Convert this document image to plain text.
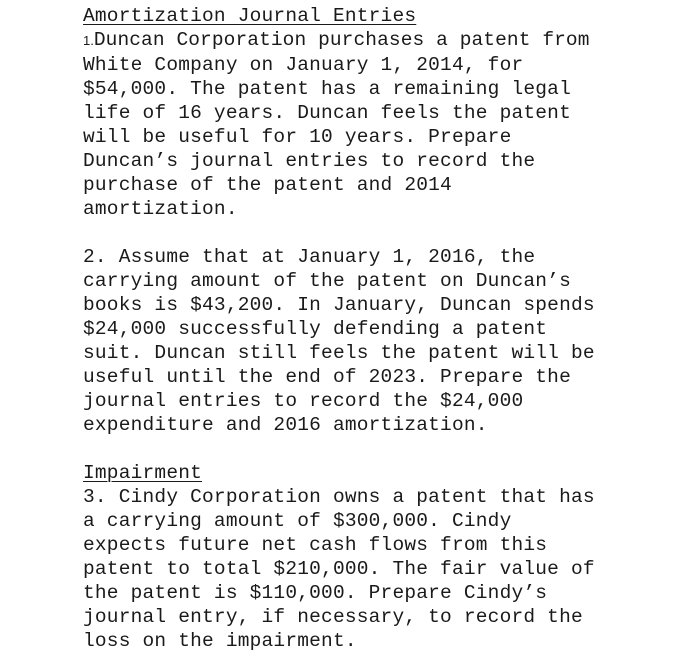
Amortization Journal Entries
1.Duncan Corporation purchases a patent from
White Company on January 1, 2014, for
$54,000. The patent has a remaining legal
life of 16 years. Duncan feels the patent
will be useful for 10 years. Prepare
Duncan’s journal entries to record the
purchase of the patent and 2014
amortization.
2. Assume that at January 1, 2016, the
carrying amount of the patent on Duncan’s
books is $43,200. In January, Duncan spends
$24,000 successfully defending a patent
suit. Duncan still feels the patent will be
useful until the end of 2023. Prepare the
journal entries to record the $24,000
expenditure and 2016 amortization.
Impairment
3. Cindy Corporation owns a patent that has
a carrying amount of $300,000. Cindy
expects future net cash flows from this
patent to total $210,000. The fair value of
the patent is $110,000. Prepare Cindy’s
journal entry, if necessary, to record the
loss on the impairment.
